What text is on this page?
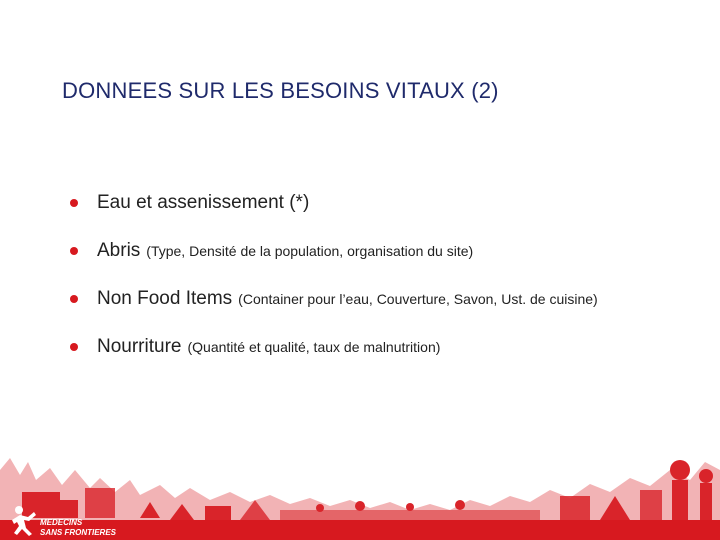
DONNEES SUR LES BESOINS VITAUX (2)
Eau et assenissement (*)
Abris (Type, Densité de la population, organisation du site)
Non Food Items (Container pour l’eau, Couverture, Savon, Ust. de cuisine)
Nourriture (Quantité et qualité, taux de malnutrition)
MEDECINS
SANS FRONTIERES
